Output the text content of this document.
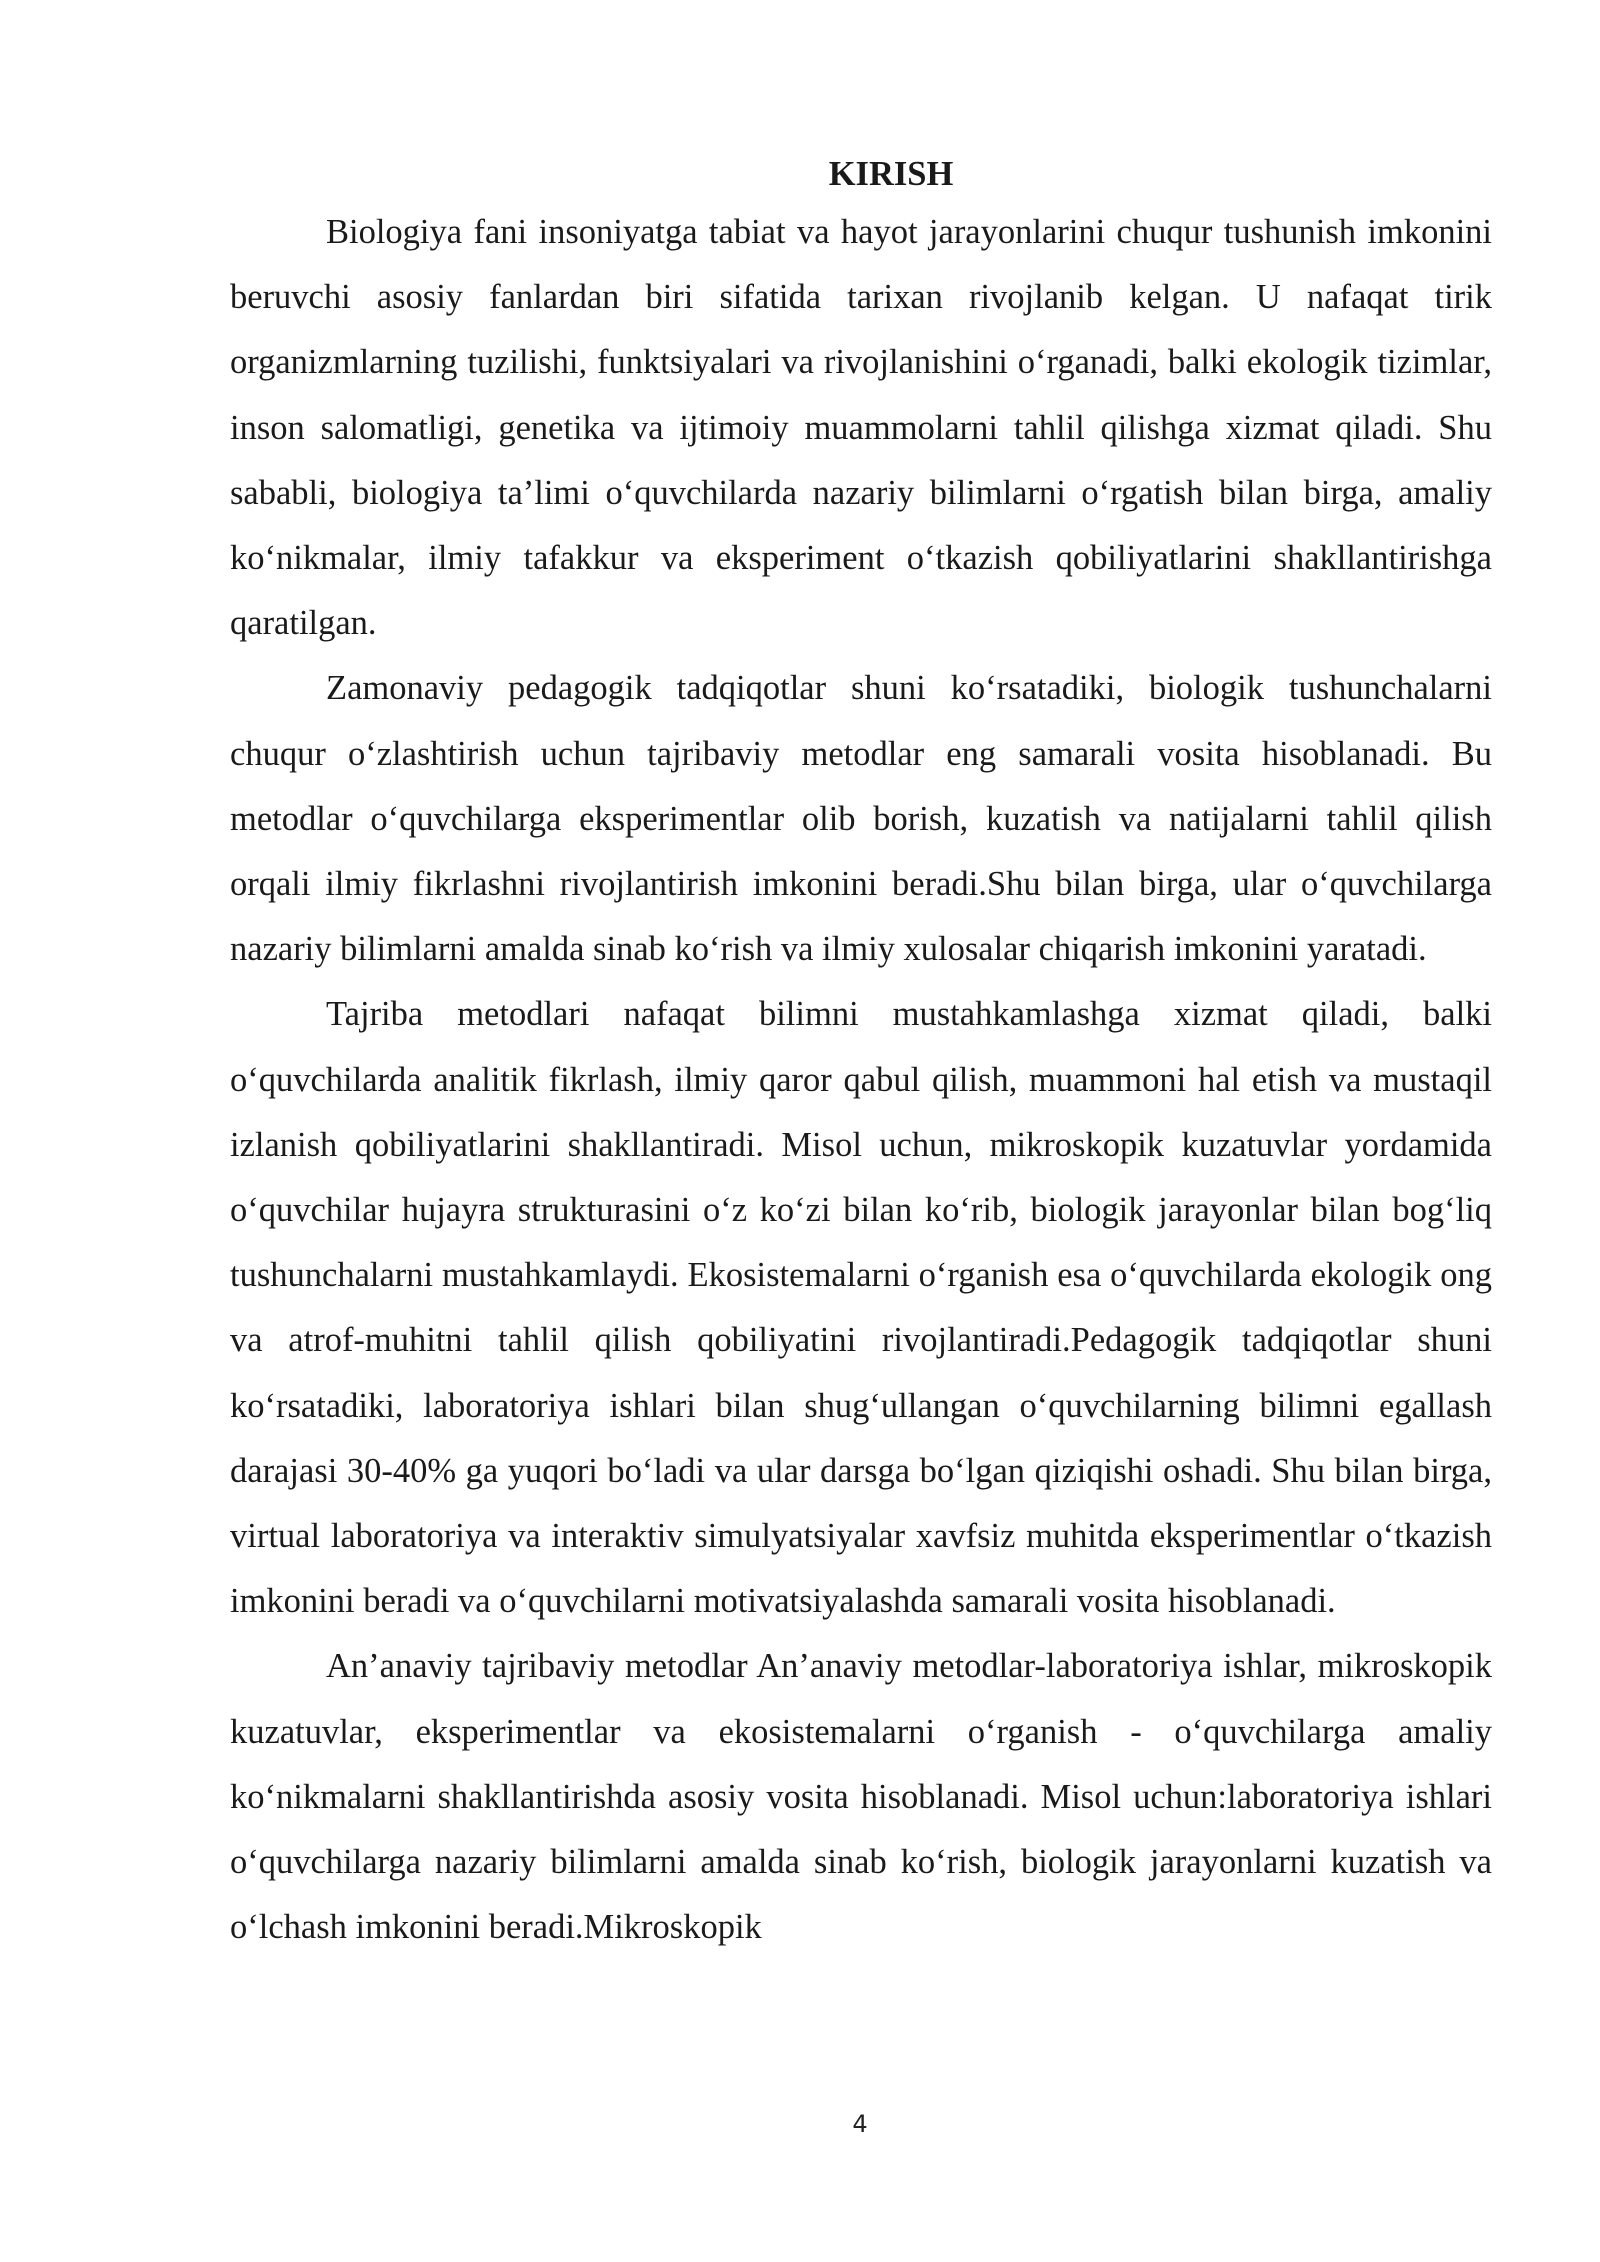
KIRISH

Biologiya fani insoniyatga tabiat va hayot jarayonlarini chuqur tushunish imkonini beruvchi asosiy fanlardan biri sifatida tarixan rivojlanib kelgan. U nafaqat tirik organizmlarning tuzilishi, funktsiyalari va rivojlanishini o‘rganadi, balki ekologik tizimlar, inson salomatligi, genetika va ijtimoiy muammolarni tahlil qilishga xizmat qiladi. Shu sababli, biologiya ta’limi o‘quvchilarda nazariy bilimlarni o‘rgatish bilan birga, amaliy ko‘nikmalar, ilmiy tafakkur va eksperiment o‘tkazish qobiliyatlarini shakllantirishga qaratilgan.

Zamonaviy pedagogik tadqiqotlar shuni ko‘rsatadiki, biologik tushunchalarni chuqur o‘zlashtirish uchun tajribaviy metodlar eng samarali vosita hisoblanadi. Bu metodlar o‘quvchilarga eksperimentlar olib borish, kuzatish va natijalarni tahlil qilish orqali ilmiy fikrlashni rivojlantirish imkonini beradi.Shu bilan birga, ular o‘quvchilarga nazariy bilimlarni amalda sinab ko‘rish va ilmiy xulosalar chiqarish imkonini yaratadi.

Tajriba metodlari nafaqat bilimni mustahkamlashga xizmat qiladi, balki o‘quvchilarda analitik fikrlash, ilmiy qaror qabul qilish, muammoni hal etish va mustaqil izlanish qobiliyatlarini shakllantiradi. Misol uchun, mikroskopik kuzatuvlar yordamida o‘quvchilar hujayra strukturasini o‘z ko‘zi bilan ko‘rib, biologik jarayonlar bilan bog‘liq tushunchalarni mustahkamlaydi. Ekosistemalarni o‘rganish esa o‘quvchilarda ekologik ong va atrof-muhitni tahlil qilish qobiliyatini rivojlantiradi.Pedagogik tadqiqotlar shuni ko‘rsatadiki, laboratoriya ishlari bilan shug‘ullangan o‘quvchilarning bilimni egallash darajasi 30-40% ga yuqori bo‘ladi va ular darsga bo‘lgan qiziqishi oshadi. Shu bilan birga, virtual laboratoriya va interaktiv simulyatsiyalar xavfsiz muhitda eksperimentlar o‘tkazish imkonini beradi va o‘quvchilarni motivatsiyalashda samarali vosita hisoblanadi.

An’anaviy tajribaviy metodlar An’anaviy metodlar-laboratoriya ishlar, mikroskopik kuzatuvlar, eksperimentlar va ekosistemalarni o‘rganish - o‘quvchilarga amaliy ko‘nikmalarni shakllantirishda asosiy vosita hisoblanadi. Misol uchun:laboratoriya ishlari o‘quvchilarga nazariy bilimlarni amalda sinab ko‘rish, biologik jarayonlarni kuzatish va o‘lchash imkonini beradi.Mikroskopik

4
